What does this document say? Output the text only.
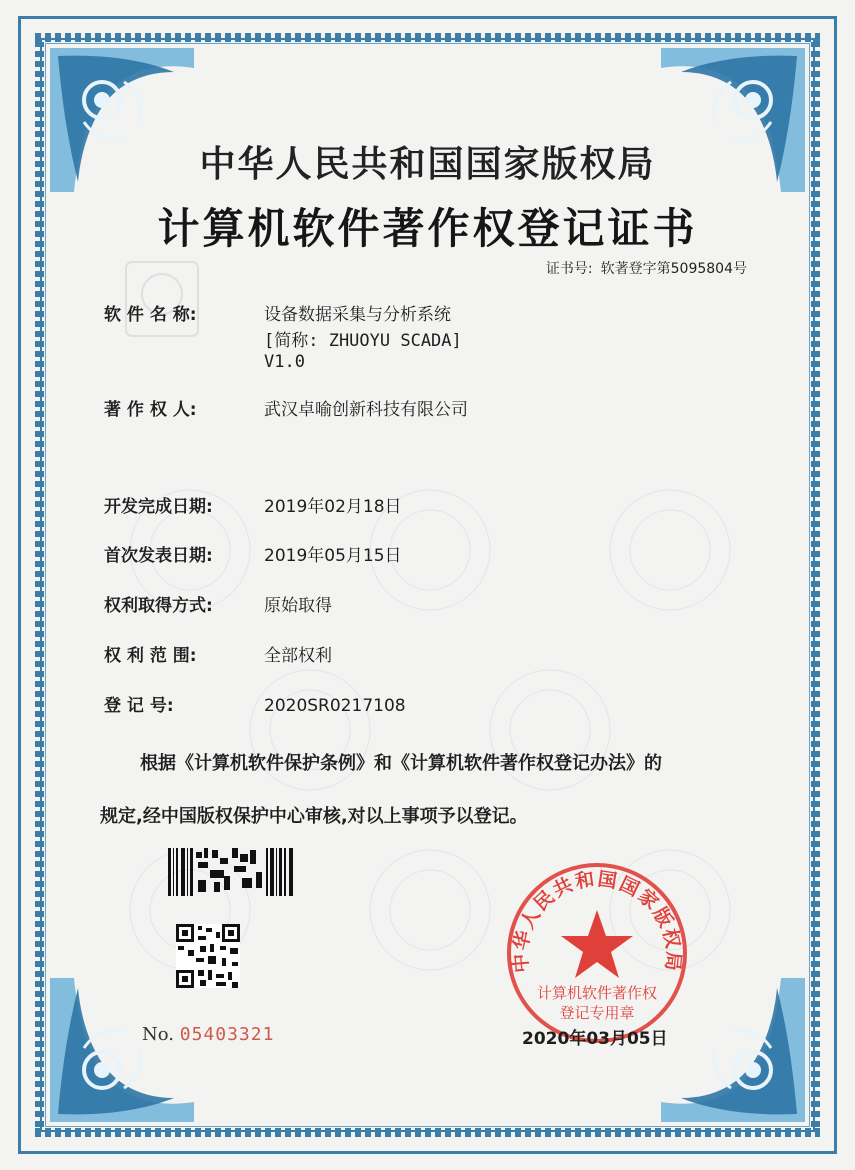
中华人民共和国国家版权局
计算机软件著作权登记证书
证书号: 软著登字第5095804号
软 件 名 称:	设备数据采集与分析系统
[简称: ZHUOYU SCADA]
V1.0
著 作 权 人:	武汉卓喻创新科技有限公司
开发完成日期:	2019年02月18日
首次发表日期:	2019年05月15日
权利取得方式:	原始取得
权 利 范 围:	全部权利
登 记 号:	2020SR0217108
根据《计算机软件保护条例》和《计算机软件著作权登记办法》的
规定,经中国版权保护中心审核,对以上事项予以登记。
No. 05403321
中华人民共和国国家版权局
计算机软件著作权
登记专用章
2020年03月05日
